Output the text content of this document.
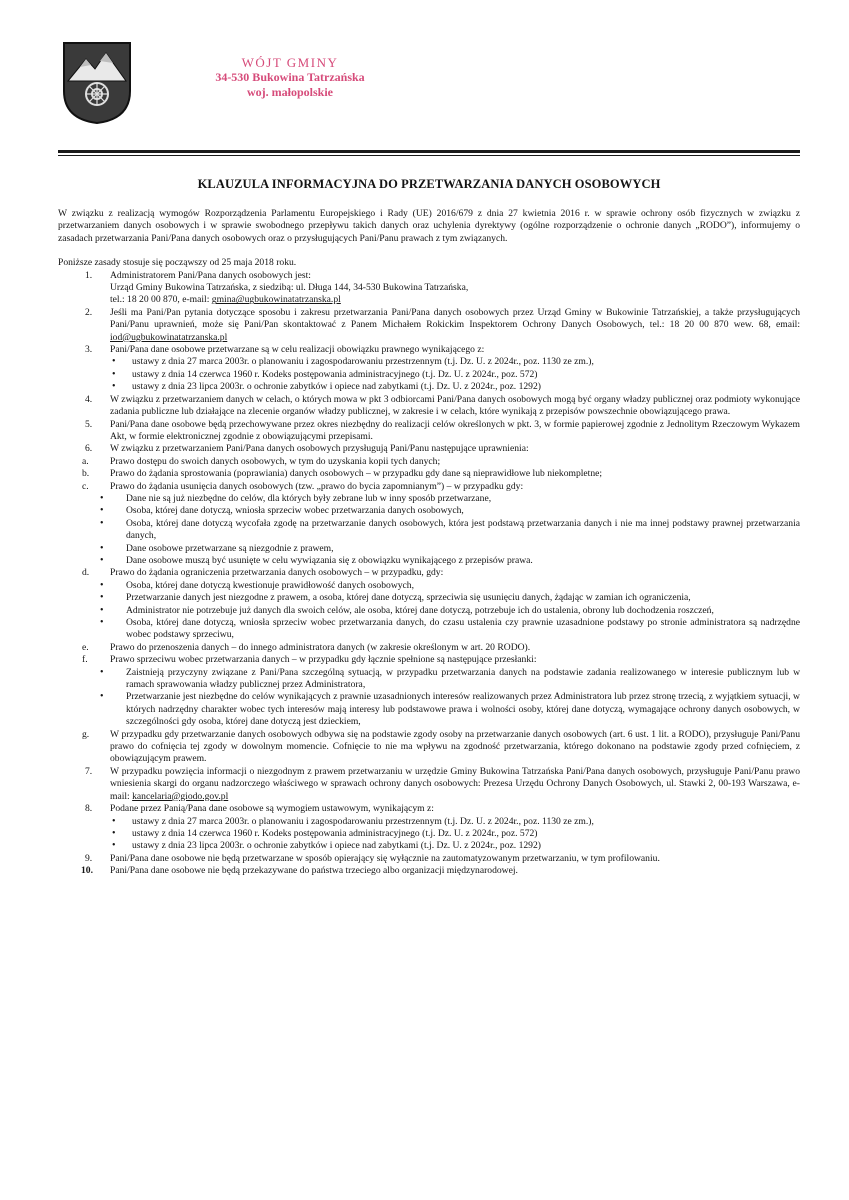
WÓJT GMINY
34-530 Bukowina Tatrzańska
woj. małopolskie
KLAUZULA INFORMACYJNA DO PRZETWARZANIA DANYCH OSOBOWYCH

W związku z realizacją wymogów Rozporządzenia Parlamentu Europejskiego i Rady (UE) 2016/679 z dnia 27 kwietnia 2016 r. w sprawie ochrony osób fizycznych w związku z przetwarzaniem danych osobowych i w sprawie swobodnego przepływu takich danych oraz uchylenia dyrektywy (ogólne rozporządzenie o ochronie danych „RODO”), informujemy o zasadach przetwarzania Pani/Pana danych osobowych oraz o przysługujących Pani/Panu prawach z tym związanych.

Poniższe zasady stosuje się począwszy od 25 maja 2018 roku.

1. Administratorem Pani/Pana danych osobowych jest:
Urząd Gminy Bukowina Tatrzańska, z siedzibą: ul. Długa 144, 34-530 Bukowina Tatrzańska,
tel.: 18 20 00 870, e-mail: gmina@ugbukowinatatrzanska.pl
2. Jeśli ma Pani/Pan pytania dotyczące sposobu i zakresu przetwarzania Pani/Pana danych osobowych przez Urząd Gminy w Bukowinie Tatrzańskiej, a także przysługujących Pani/Panu uprawnień, może się Pani/Pan skontaktować z Panem Michałem Rokickim Inspektorem Ochrony Danych Osobowych, tel.: 18 20 00 870 wew. 68, email: iod@ugbukowinatatrzanska.pl
3. Pani/Pana dane osobowe przetwarzane są w celu realizacji obowiązku prawnego wynikającego z:
• ustawy z dnia 27 marca 2003r. o planowaniu i zagospodarowaniu przestrzennym (t.j. Dz. U. z 2024r., poz. 1130 ze zm.),
• ustawy z dnia 14 czerwca 1960 r. Kodeks postępowania administracyjnego (t.j. Dz. U. z 2024r., poz. 572)
• ustawy z dnia 23 lipca 2003r. o ochronie zabytków i opiece nad zabytkami (t.j. Dz. U. z 2024r., poz. 1292)
4. W związku z przetwarzaniem danych w celach, o których mowa w pkt 3 odbiorcami Pani/Pana danych osobowych mogą być organy władzy publicznej oraz podmioty wykonujące zadania publiczne lub działające na zlecenie organów władzy publicznej, w zakresie i w celach, które wynikają z przepisów powszechnie obowiązującego prawa.
5. Pani/Pana dane osobowe będą przechowywane przez okres niezbędny do realizacji celów określonych w pkt. 3, w formie papierowej zgodnie z Jednolitym Rzeczowym Wykazem Akt, w formie elektronicznej zgodnie z obowiązującymi przepisami.
6. W związku z przetwarzaniem Pani/Pana danych osobowych przysługują Pani/Panu następujące uprawnienia:
a. Prawo dostępu do swoich danych osobowych, w tym do uzyskania kopii tych danych;
b. Prawo do żądania sprostowania (poprawiania) danych osobowych – w przypadku gdy dane są nieprawidłowe lub niekompletne;
c. Prawo do żądania usunięcia danych osobowych (tzw. „prawo do bycia zapomnianym”) – w przypadku gdy:
• Dane nie są już niezbędne do celów, dla których były zebrane lub w inny sposób przetwarzane,
• Osoba, której dane dotyczą, wniosła sprzeciw wobec przetwarzania danych osobowych,
• Osoba, której dane dotyczą wycofała zgodę na przetwarzanie danych osobowych, która jest podstawą przetwarzania danych i nie ma innej podstawy prawnej przetwarzania danych,
• Dane osobowe przetwarzane są niezgodnie z prawem,
• Dane osobowe muszą być usunięte w celu wywiązania się z obowiązku wynikającego z przepisów prawa.
d. Prawo do żądania ograniczenia przetwarzania danych osobowych – w przypadku, gdy:
• Osoba, której dane dotyczą kwestionuje prawidłowość danych osobowych,
• Przetwarzanie danych jest niezgodne z prawem, a osoba, której dane dotyczą, sprzeciwia się usunięciu danych, żądając w zamian ich ograniczenia,
• Administrator nie potrzebuje już danych dla swoich celów, ale osoba, której dane dotyczą, potrzebuje ich do ustalenia, obrony lub dochodzenia roszczeń,
• Osoba, której dane dotyczą, wniosła sprzeciw wobec przetwarzania danych, do czasu ustalenia czy prawnie uzasadnione podstawy po stronie administratora są nadrzędne wobec podstawy sprzeciwu,
e. Prawo do przenoszenia danych – do innego administratora danych (w zakresie określonym w art. 20 RODO).
f. Prawo sprzeciwu wobec przetwarzania danych – w przypadku gdy łącznie spełnione są następujące przesłanki:
• Zaistnieją przyczyny związane z Pani/Pana szczególną sytuacją, w przypadku przetwarzania danych na podstawie zadania realizowanego w interesie publicznym lub w ramach sprawowania władzy publicznej przez Administratora,
• Przetwarzanie jest niezbędne do celów wynikających z prawnie uzasadnionych interesów realizowanych przez Administratora lub przez stronę trzecią, z wyjątkiem sytuacji, w których nadrzędny charakter wobec tych interesów mają interesy lub podstawowe prawa i wolności osoby, której dane dotyczą, wymagające ochrony danych osobowych, w szczególności gdy osoba, której dane dotyczą jest dzieckiem,
g. W przypadku gdy przetwarzanie danych osobowych odbywa się na podstawie zgody osoby na przetwarzanie danych osobowych (art. 6 ust. 1 lit. a RODO), przysługuje Pani/Panu prawo do cofnięcia tej zgody w dowolnym momencie. Cofnięcie to nie ma wpływu na zgodność przetwarzania, którego dokonano na podstawie zgody przed cofnięciem, z obowiązującym prawem.
7. W przypadku powzięcia informacji o niezgodnym z prawem przetwarzaniu w urzędzie Gminy Bukowina Tatrzańska Pani/Pana danych osobowych, przysługuje Pani/Panu prawo wniesienia skargi do organu nadzorczego właściwego w sprawach ochrony danych osobowych: Prezesa Urzędu Ochrony Danych Osobowych, ul. Stawki 2, 00-193 Warszawa, e-mail: kancelaria@giodo.gov.pl
8. Podane przez Panią/Pana dane osobowe są wymogiem ustawowym, wynikającym z:
• ustawy z dnia 27 marca 2003r. o planowaniu i zagospodarowaniu przestrzennym (t.j. Dz. U. z 2024r., poz. 1130 ze zm.),
• ustawy z dnia 14 czerwca 1960 r. Kodeks postępowania administracyjnego (t.j. Dz. U. z 2024r., poz. 572)
• ustawy z dnia 23 lipca 2003r. o ochronie zabytków i opiece nad zabytkami (t.j. Dz. U. z 2024r., poz. 1292)
9. Pani/Pana dane osobowe nie będą przetwarzane w sposób opierający się wyłącznie na zautomatyzowanym przetwarzaniu, w tym profilowaniu.
10. Pani/Pana dane osobowe nie będą przekazywane do państwa trzeciego albo organizacji międzynarodowej.
